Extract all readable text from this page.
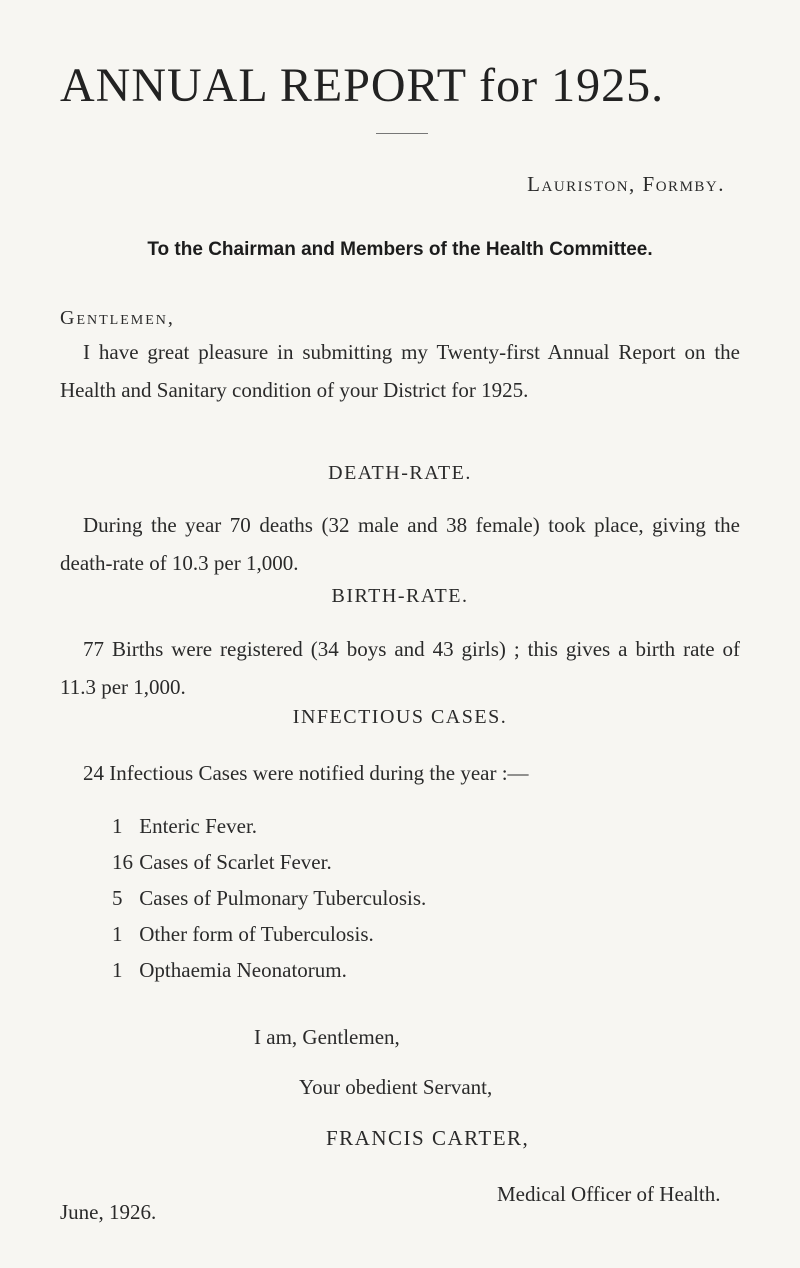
ANNUAL REPORT for 1925.
Lauriston, Formby.
To the Chairman and Members of the Health Committee.
Gentlemen,
I have great pleasure in submitting my Twenty-first Annual Report on the Health and Sanitary condition of your District for 1925.
DEATH-RATE.
During the year 70 deaths (32 male and 38 female) took place, giving the death-rate of 10.3 per 1,000.
BIRTH-RATE.
77 Births were registered (34 boys and 43 girls) ; this gives a birth rate of 11.3 per 1,000.
INFECTIOUS CASES.
24 Infectious Cases were notified during the year :—
1 Enteric Fever.
16 Cases of Scarlet Fever.
5 Cases of Pulmonary Tuberculosis.
1 Other form of Tuberculosis.
1 Opthaemia Neonatorum.
I am, Gentlemen,
Your obedient Servant,
FRANCIS CARTER,
Medical Officer of Health.
June, 1926.
